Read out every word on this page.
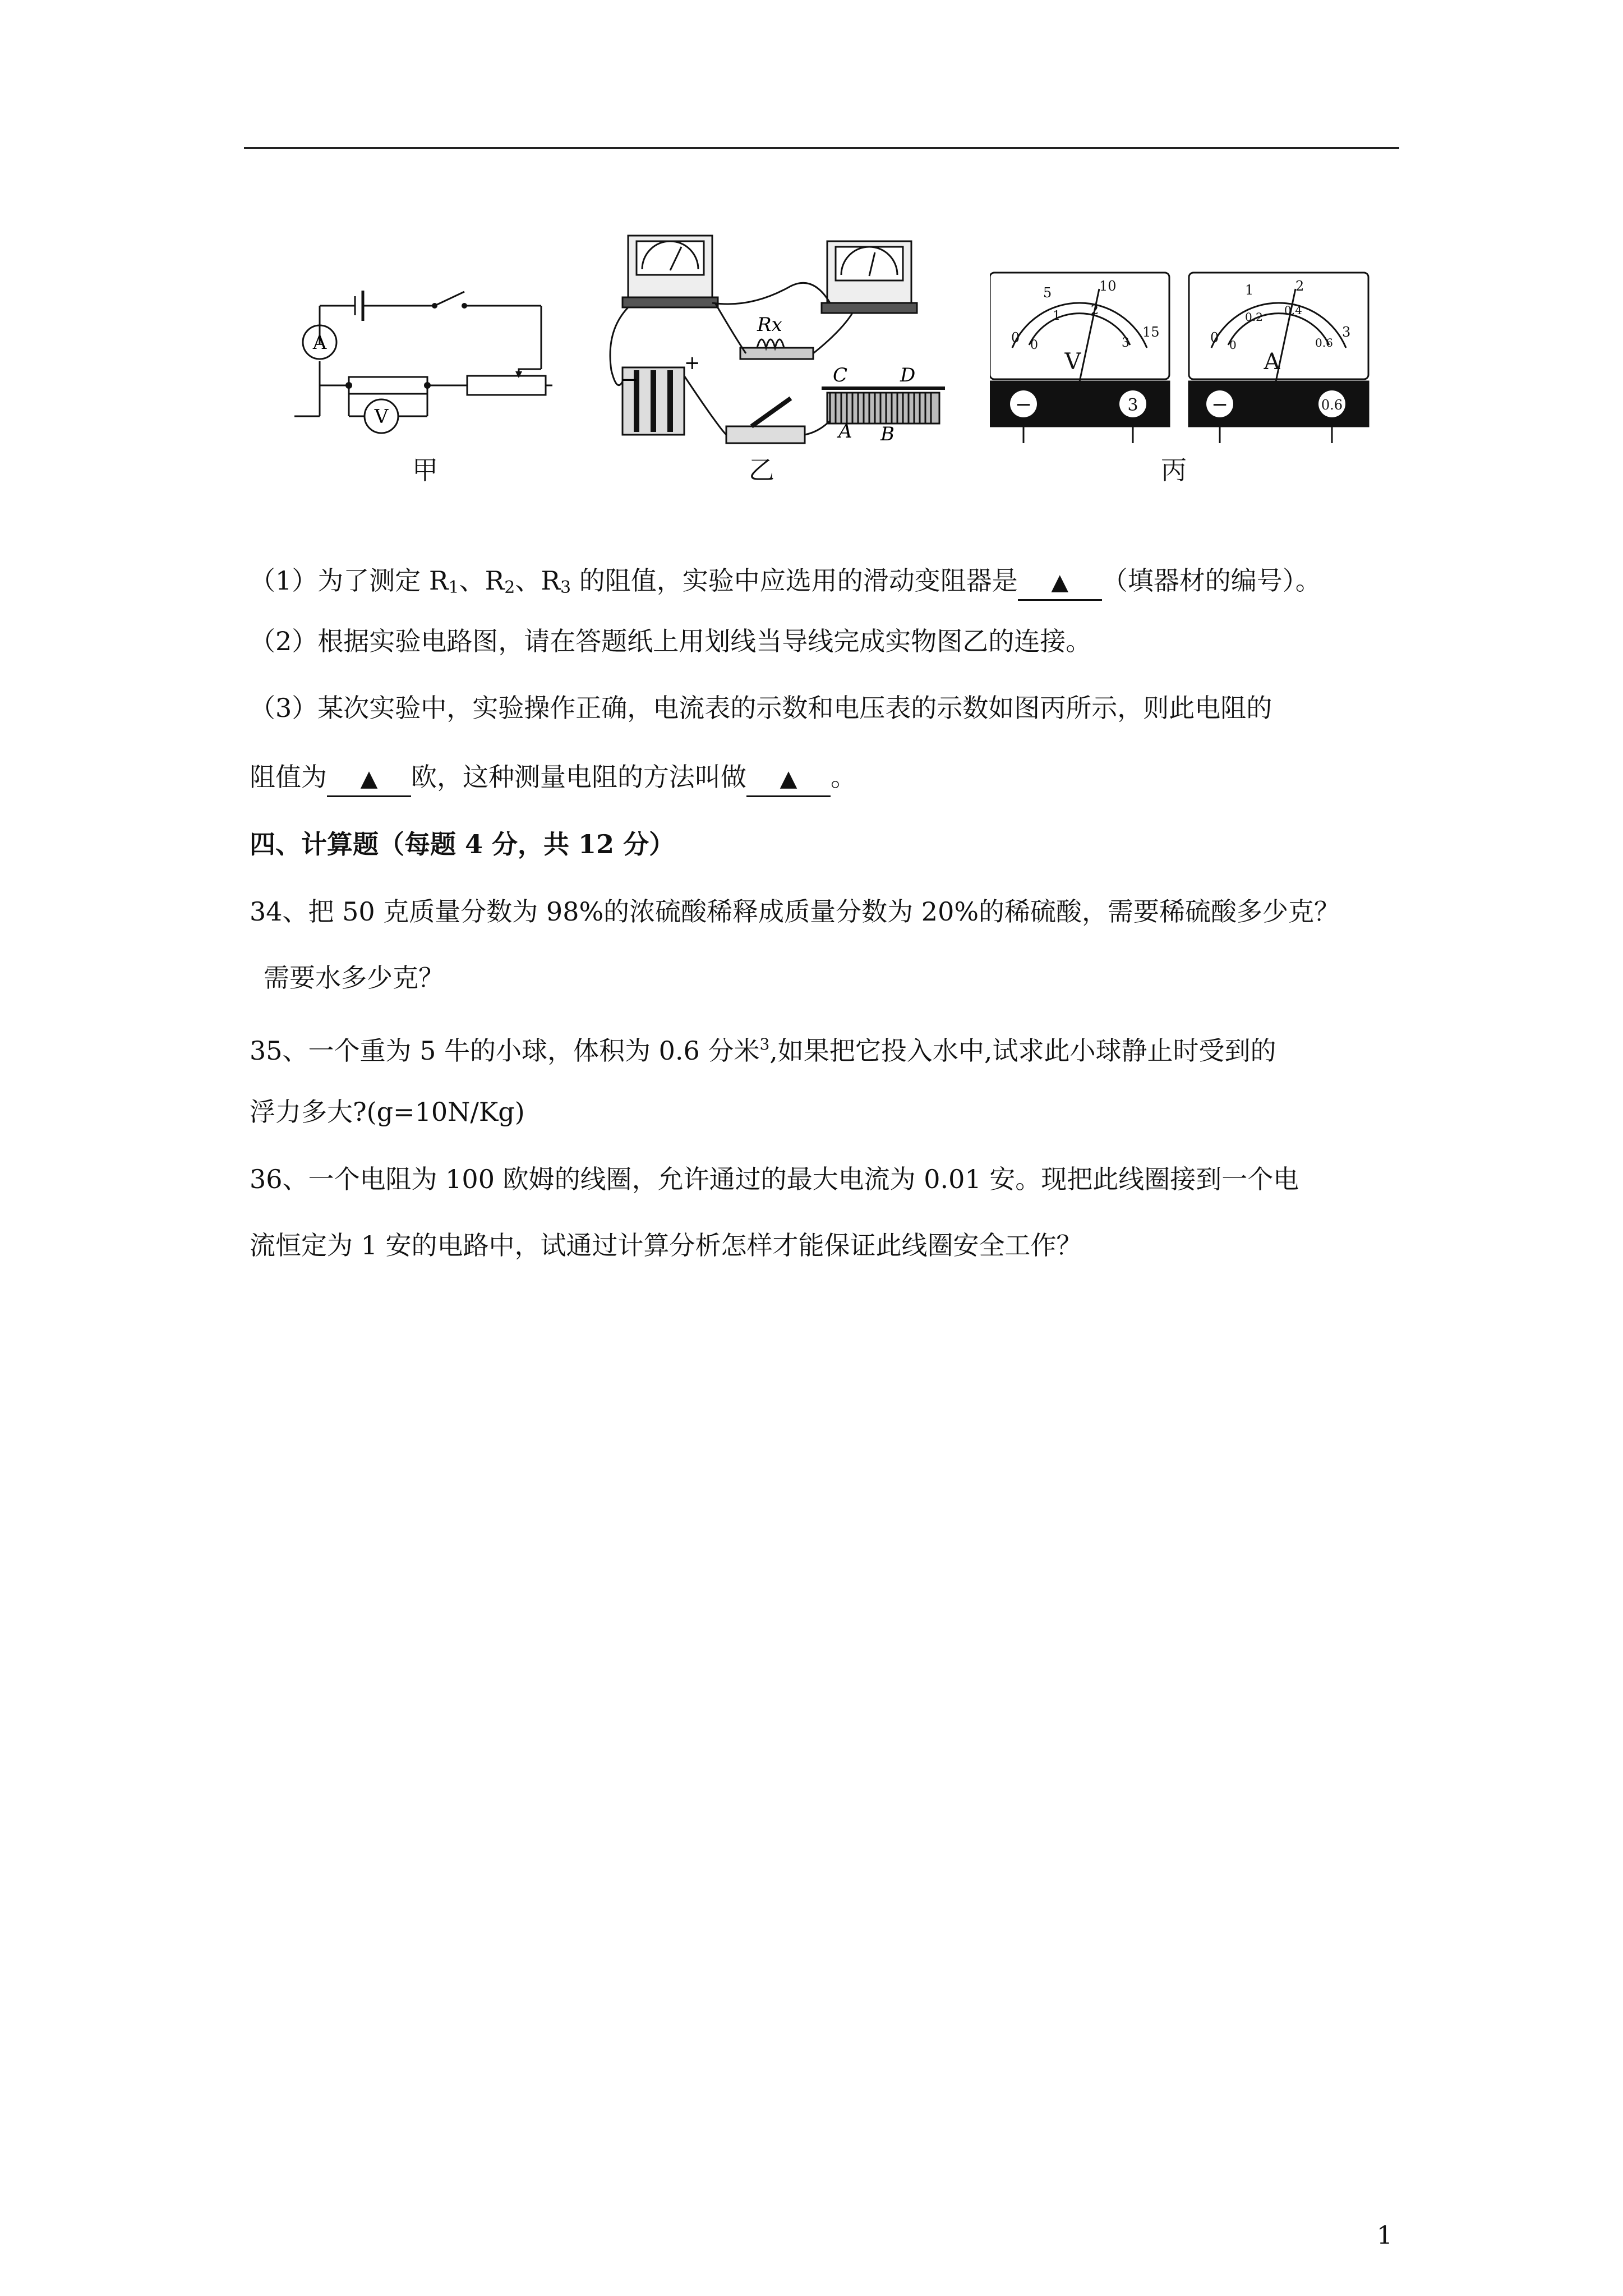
A
V
甲
Rx
C	D
A B
−
+
乙
V
0
5	10
15
0
1 2
3
−	3
A
0
1	2
3
0
0.2 0.4
0.6
−	0.6
丙
（1）为了测定 $R_1$、$R_2$、$R_3$ 的阻值，实验中应选用的滑动变阻器是 ▲ （填器材的编号）。
（2）根据实验电路图，请在答题纸上用划线当导线完成实物图乙的连接。
（3）某次实验中，实验操作正确，电流表的示数和电压表的示数如图丙所示，则此电阻的
阻值为 ▲ 欧，这种测量电阻的方法叫做 ▲ 。
四、计算题（每题 4 分，共 12 分）
34、把 50 克质量分数为 98%的浓硫酸稀释成质量分数为 20%的稀硫酸，需要稀硫酸多少克？
需要水多少克？
35、一个重为 5 牛的小球，体积为 0.6 分米$^3$,如果把它投入水中,试求此小球静止时受到的
浮力多大?(g=10N/Kg)
36、一个电阻为 100 欧姆的线圈，允许通过的最大电流为 0.01 安。现把此线圈接到一个电
流恒定为 1 安的电路中，试通过计算分析怎样才能保证此线圈安全工作？
1
